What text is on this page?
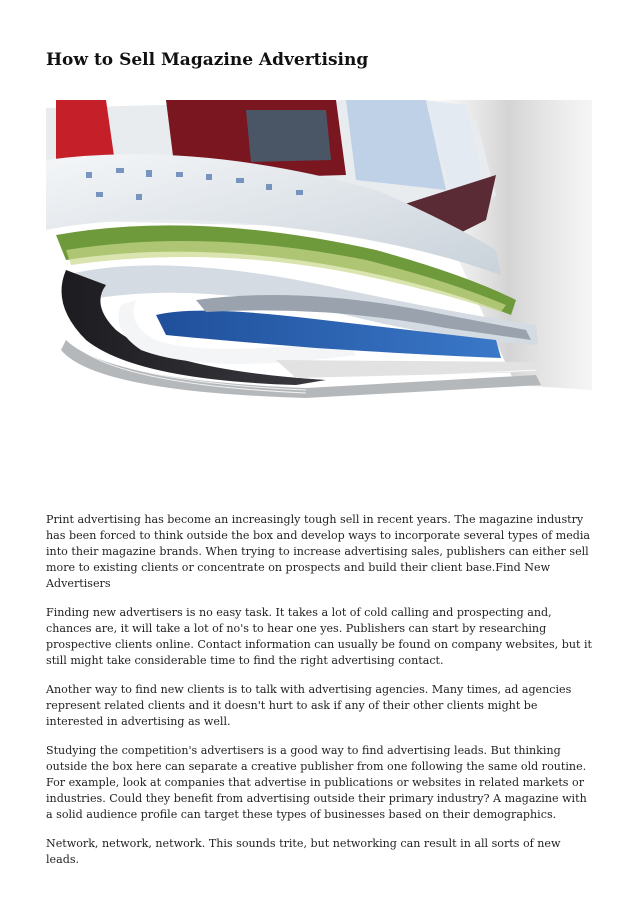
How to Sell Magazine Advertising

Print advertising has become an increasingly tough sell in recent years. The magazine industry has been forced to think outside the box and develop ways to incorporate several types of media into their magazine brands. When trying to increase advertising sales, publishers can either sell more to existing clients or concentrate on prospects and build their client base.Find New Advertisers

Finding new advertisers is no easy task. It takes a lot of cold calling and prospecting and, chances are, it will take a lot of no's to hear one yes. Publishers can start by researching prospective clients online. Contact information can usually be found on company websites, but it still might take considerable time to find the right advertising contact.

Another way to find new clients is to talk with advertising agencies. Many times, ad agencies represent related clients and it doesn't hurt to ask if any of their other clients might be interested in advertising as well.

Studying the competition's advertisers is a good way to find advertising leads. But thinking outside the box here can separate a creative publisher from one following the same old routine. For example, look at companies that advertise in publications or websites in related markets or industries. Could they benefit from advertising outside their primary industry? A magazine with a solid audience profile can target these types of businesses based on their demographics.

Network, network, network. This sounds trite, but networking can result in all sorts of new leads.
